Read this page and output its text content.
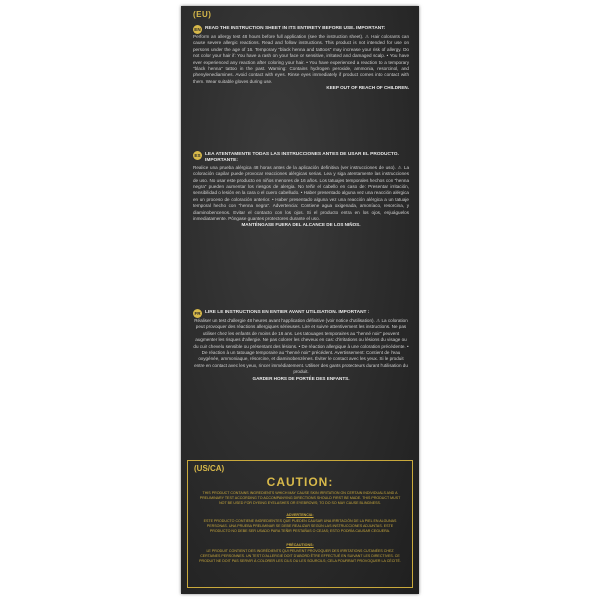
(EU)
EN READ THE INSTRUCTION SHEET IN ITS ENTIRETY BEFORE USE. IMPORTANT:
Perform an allergy test 48 hours before full application (see the instruction sheet). ⚠ Hair colorants can cause severe allergic reactions. Read and follow instructions. This product is not intended for use on persons under the age of 16. Temporary "black henna and tattoos" may increase your risk of allergy. Do not color your hair if: You have a rash on your face or sensitive, irritated and damaged scalp. • You have ever experienced any reaction after coloring your hair. • You have experienced a reaction to a temporary "black henna" tattoo in the past. Warning: Contains hydrogen peroxide, ammonia, resorcinol, and phenylenediamines. Avoid contact with eyes. Rinse eyes immediately if product comes into contact with them. Wear suitable gloves during use.
KEEP OUT OF REACH OF CHILDREN.
ES LEA ATENTAMENTE TODAS LAS INSTRUCCIONES ANTES DE USAR EL PRODUCTO. IMPORTANTE:
Realice una prueba alérgica 48 horas antes de la aplicación definitiva (ver instrucciones de uso). ⚠ La coloración capilar puede provocar reacciones alérgicas serias. Lea y siga atentamente las instrucciones de uso. No usar este producto en niños menores de 16 años. Los tatuajes temporales hechos con "henna negra" pueden aumentar los riesgos de alergia. No teñir el cabello en caso de: Presentar irritación, sensibilidad o lesión en la cara o el cuero cabelludo. • Haber presentado alguna vez una reacción alérgica en un proceso de coloración anterior. • Haber presentado alguna vez una reacción alérgica a un tatuaje temporal hecho con "henna negra". Advertencia: Contiene agua oxigenada, amoníaco, resorcina, y diaminobencenos. Evitar el contacto con los ojos. Si el producto entra en los ojos, enjuáguelos inmediatamente. Póngase guantes protectores durante el uso.
MANTÉNGASE FUERA DEL ALCANCE DE LOS NIÑOS.
FR LIRE LE INSTRUCTIONS EN ENTIER AVANT UTILISATION. IMPORTANT :
Réaliser un test d'allergie 48 heures avant l'application définitive (voir notice d'utilisation). ⚠ La coloration peut provoquer des réactions allergiques sérieuses. Lire et suivre attentivement les instructions. Ne pas utiliser chez les enfants de moins de 16 ans. Les tatouages temporaires au "henné noir" peuvent augmenter les risques d'allergie. Ne pas colorer les cheveux en cas: d'irritations ou lésions du visage ou du cuir chevelu sensible ou présentant des lésions. • De réaction allergique à une coloration précédente. • De réaction à un tatouage temporaire au "henné noir" précédent. Avertissement: Contient de l'eau oxygénée, ammoniaque, résorcine, et diaminobenzènes. Éviter le contact avec les yeux. Si le produit entre en contact avec les yeux, rincer immédiatement. Utiliser des gants protecteurs durant l'utilisation du produit.
GARDER HORS DE PORTÉE DES ENFANTS.
(US/CA)
CAUTION:
THIS PRODUCT CONTAINS INGREDIENTS WHICH MAY CAUSE SKIN IRRITATION ON CERTAIN INDIVIDUALS AND A PRELIMINARY TEST ACCORDING TO ACCOMPANYING DIRECTIONS SHOULD FIRST BE MADE. THIS PRODUCT MUST NOT BE USED FOR DYEING EYELASHES OR EYEBROWS; TO DO SO MAY CAUSE BLINDNESS.
ADVERTENCIA:
ESTE PRODUCTO CONTIENE INGREDIENTES QUE PUEDEN CAUSAR UNA IRRITACIÓN DE LA PIEL EN ALGUNAS PERSONAS. UNA PRUEBA PRELIMINAR SE DEBE REALIZAR SEGÚN LAS INSTRUCCIONES ADJUNTAS. ESTE PRODUCTO NO DEBE SER USADO PARA TEÑIR PESTAÑAS O CEJAS; ESTO PODRÍA CAUSAR CEGUERA.
PRÉCAUTIONS:
LE PRODUIT CONTIENT DES INGRÉDIENTS QUI PEUVENT PROVOQUER DES IRRITATIONS CUTANÉES CHEZ CERTAINES PERSONNES. UN TEST D'ALLERGIE DOIT D'ABORD ÊTRE EFFECTUÉ EN SUIVANT LES DIRECTIVES. CE PRODUIT NE DOIT PAS SERVIR À COLORER LES CILS OU LES SOURCILS; CELA POURRAIT PROVOQUER LA CÉCITÉ.
